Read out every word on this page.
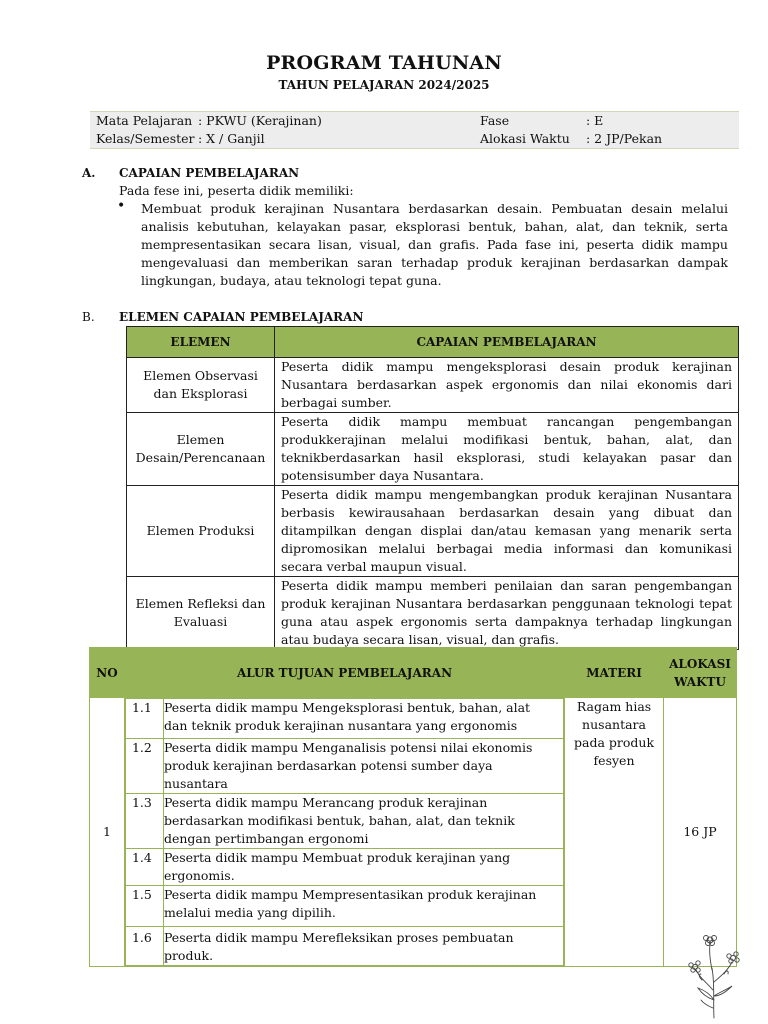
PROGRAM TAHUNAN
TAHUN PELAJARAN 2024/2025
Mata Pelajaran : PKWU (Kerajinan)	Fase	: E
Kelas/Semester : X / Ganjil	Alokasi Waktu : 2 JP/Pekan
A. CAPAIAN PEMBELAJARAN
Pada fese ini, peserta didik memiliki:
• Membuat produk kerajinan Nusantara berdasarkan desain. Pembuatan desain melalui analisis kebutuhan, kelayakan pasar, eksplorasi bentuk, bahan, alat, dan teknik, serta mempresentasikan secara lisan, visual, dan grafis. Pada fase ini, peserta didik mampu mengevaluasi dan memberikan saran terhadap produk kerajinan berdasarkan dampak lingkungan, budaya, atau teknologi tepat guna.
B. ELEMEN CAPAIAN PEMBELAJARAN
ELEMEN	CAPAIAN PEMBELAJARAN
Elemen Observasi dan Eksplorasi	Peserta didik mampu mengeksplorasi desain produk kerajinan Nusantara berdasarkan aspek ergonomis dan nilai ekonomis dari berbagai sumber.
Elemen Desain/Perencanaan	Peserta didik mampu membuat rancangan pengembangan produkkerajinan melalui modifikasi bentuk, bahan, alat, dan teknikberdasarkan hasil eksplorasi, studi kelayakan pasar dan potensisumber daya Nusantara.
Elemen Produksi	Peserta didik mampu mengembangkan produk kerajinan Nusantara berbasis kewirausahaan berdasarkan desain yang dibuat dan ditampilkan dengan displai dan/atau kemasan yang menarik serta dipromosikan melalui berbagai media informasi dan komunikasi secara verbal maupun visual.
Elemen Refleksi dan Evaluasi	Peserta didik mampu memberi penilaian dan saran pengembangan produk kerajinan Nusantara berdasarkan penggunaan teknologi tepat guna atau aspek ergonomis serta dampaknya terhadap lingkungan atau budaya secara lisan, visual, dan grafis.
NO	ALUR TUJUAN PEMBELAJARAN	MATERI	ALOKASI WAKTU
1	
1.1	Peserta didik mampu Mengeksplorasi bentuk, bahan, alat dan teknik produk kerajinan nusantara yang ergonomis
1.2	Peserta didik mampu Menganalisis potensi nilai ekonomis produk kerajinan berdasarkan potensi sumber daya nusantara
1.3	Peserta didik mampu Merancang produk kerajinan berdasarkan modifikasi bentuk, bahan, alat, dan teknik dengan pertimbangan ergonomi
1.4	Peserta didik mampu Membuat produk kerajinan yang ergonomis.
1.5	Peserta didik mampu Mempresentasikan produk kerajinan melalui media yang dipilih.
1.6	Peserta didik mampu Merefleksikan proses pembuatan produk.
	Ragam hias nusantara pada produk fesyen	16 JP
